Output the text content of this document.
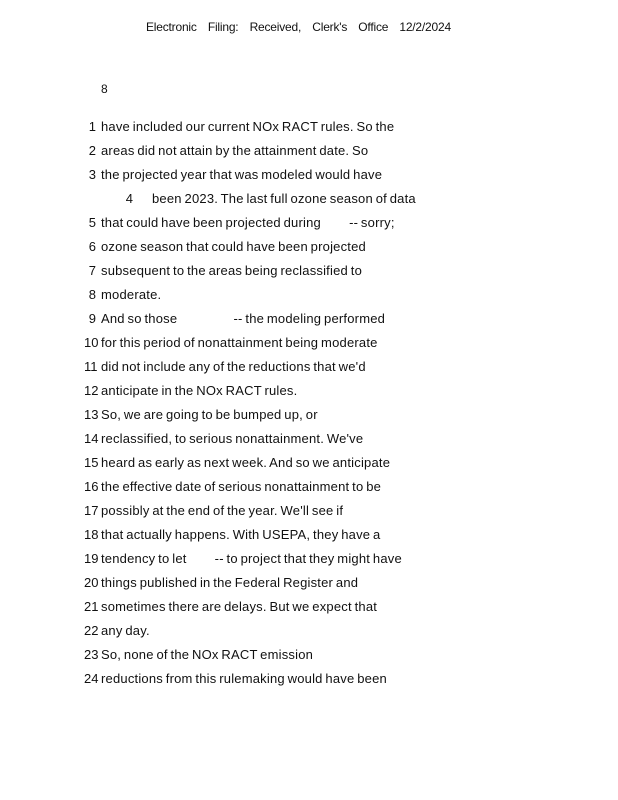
Electronic Filing: Received, Clerk's Office 12/2/2024
8
1 have included our current NOx RACT rules. So the
2 areas did not attain by the attainment date. So
3 the projected year that was modeled would have
4 been 2023. The last full ozone season of data
5 that could have been projected during          -- sorry;
6 ozone season that could have been projected
7 subsequent to the areas being reclassified to
8 moderate.
9 And so those                    -- the modeling performed
10 for this period of nonattainment being moderate
11 did not include any of the reductions that we'd
12 anticipate in the NOx RACT rules.
13 So, we are going to be bumped up, or
14 reclassified, to serious nonattainment. We've
15 heard as early as next week. And so we anticipate
16 the effective date of serious nonattainment to be
17 possibly at the end of the year. We'll see if
18 that actually happens. With USEPA, they have a
19 tendency to let          -- to project that they might have
20 things published in the Federal Register and
21 sometimes there are delays. But we expect that
22 any day.
23 So, none of the NOx RACT emission
24 reductions from this rulemaking would have been
